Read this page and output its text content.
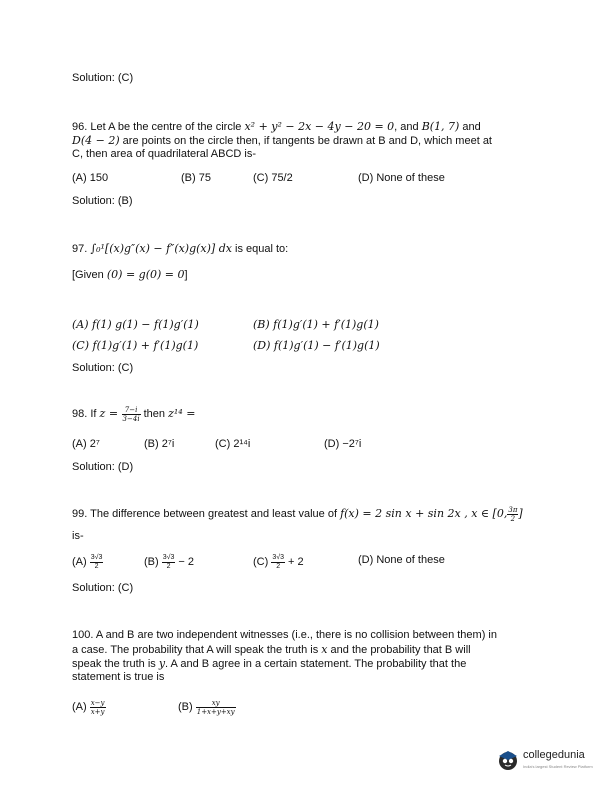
Solution: (C)
96. Let A be the centre of the circle x² + y² − 2x − 4y − 20 = 0, and B(1, 7) and
D(4 − 2) are points on the circle then, if tangents be drawn at B and D, which meet at
C, then area of quadrilateral ABCD is-
(A) 150	(B) 75	(C) 75/2	(D) None of these
Solution: (B)
97. ∫₀¹[(x)g″(x) − f″(x)g(x)] dx is equal to:
[Given (0) = g(0) = 0]
(A) f(1) g(1) − f(1)g′(1)	(B) f(1)g′(1) + f′(1)g(1)
(C) f(1)g′(1) + f′(1)g(1)	(D) f(1)g′(1) − f′(1)g(1)
Solution: (C)
98. If $z = \frac{7-i}{3-4i}$ then z¹⁴ =
(A) 2⁷	(B) 2⁷i	(C) 2¹⁴i	(D) −2⁷i
Solution: (D)
99. The difference between greatest and least value of f(x) = 2 sin x + sin 2x , x ∈ [0, $\frac{3\pi}{2}$ ]
is-
$(A) \frac{3√3}{2}$	$(B) \frac{3√3}{2} - 2$	$(C) \frac{3√3}{2} + 2$	(D) None of these
Solution: (C)
100. A and B are two independent witnesses (i.e., there is no collision between them) in
a case. The probability that A will speak the truth is x and the probability that B will
speak the truth is y. A and B agree in a certain statement. The probability that the
statement is true is
$(A) \frac{x-y}{x+y}$	$(B) \frac{xy}{1+x+y+xy}$
collegedunia
India's largest Student Review Platform
